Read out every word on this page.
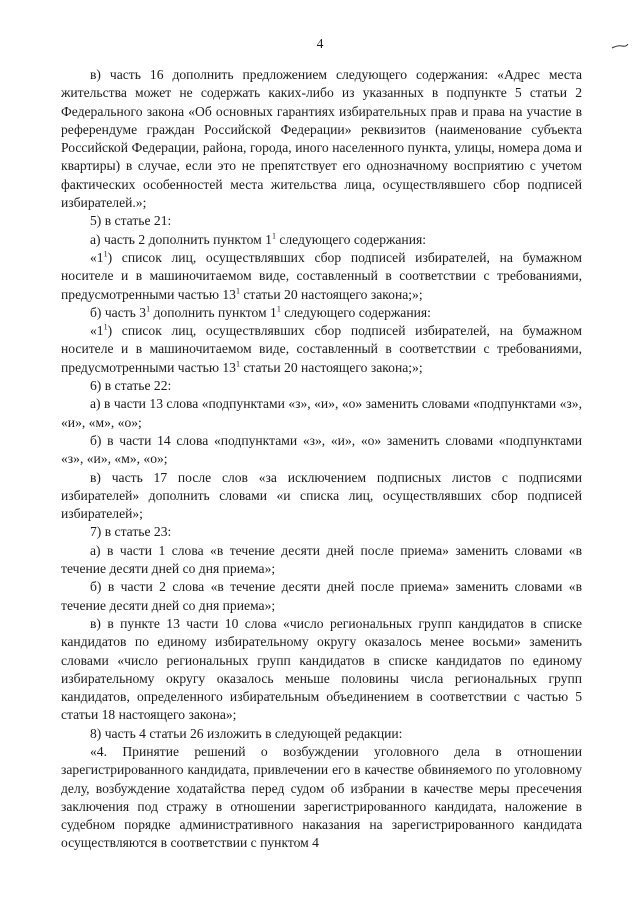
4

в) часть 16 дополнить предложением следующего содержания: «Адрес места жительства может не содержать каких-либо из указанных в подпункте 5 статьи 2 Федерального закона «Об основных гарантиях избирательных прав и права на участие в референдуме граждан Российской Федерации» реквизитов (наименование субъекта Российской Федерации, района, города, иного населенного пункта, улицы, номера дома и квартиры) в случае, если это не препятствует его однозначному восприятию с учетом фактических особенностей места жительства лица, осуществлявшего сбор подписей избирателей.»;

5) в статье 21:

а) часть 2 дополнить пунктом $1^1$ следующего содержания:

«$1^1$) список лиц, осуществлявших сбор подписей избирателей, на бумажном носителе и в машиночитаемом виде, составленный в соответствии с требованиями, предусмотренными частью $13^1$ статьи 20 настоящего закона;»;

б) часть $3^1$ дополнить пунктом $1^1$ следующего содержания:

«$1^1$) список лиц, осуществлявших сбор подписей избирателей, на бумажном носителе и в машиночитаемом виде, составленный в соответствии с требованиями, предусмотренными частью $13^1$ статьи 20 настоящего закона;»;

6) в статье 22:

а) в части 13 слова «подпунктами «з», «и», «о» заменить словами «подпунктами «з», «и», «м», «о»;

б) в части 14 слова «подпунктами «з», «и», «о» заменить словами «подпунктами «з», «и», «м», «о»;

в) часть 17 после слов «за исключением подписных листов с подписями избирателей» дополнить словами «и списка лиц, осуществлявших сбор подписей избирателей»;

7) в статье 23:

а) в части 1 слова «в течение десяти дней после приема» заменить словами «в течение десяти дней со дня приема»;

б) в части 2 слова «в течение десяти дней после приема» заменить словами «в течение десяти дней со дня приема»;

в) в пункте 13 части 10 слова «число региональных групп кандидатов в списке кандидатов по единому избирательному округу оказалось менее восьми» заменить словами «число региональных групп кандидатов в списке кандидатов по единому избирательному округу оказалось меньше половины числа региональных групп кандидатов, определенного избирательным объединением в соответствии с частью 5 статьи 18 настоящего закона»;

8) часть 4 статьи 26 изложить в следующей редакции:

«4. Принятие решений о возбуждении уголовного дела в отношении зарегистрированного кандидата, привлечении его в качестве обвиняемого по уголовному делу, возбуждение ходатайства перед судом об избрании в качестве меры пресечения заключения под стражу в отношении зарегистрированного кандидата, наложение в судебном порядке административного наказания на зарегистрированного кандидата осуществляются в соответствии с пунктом 4
